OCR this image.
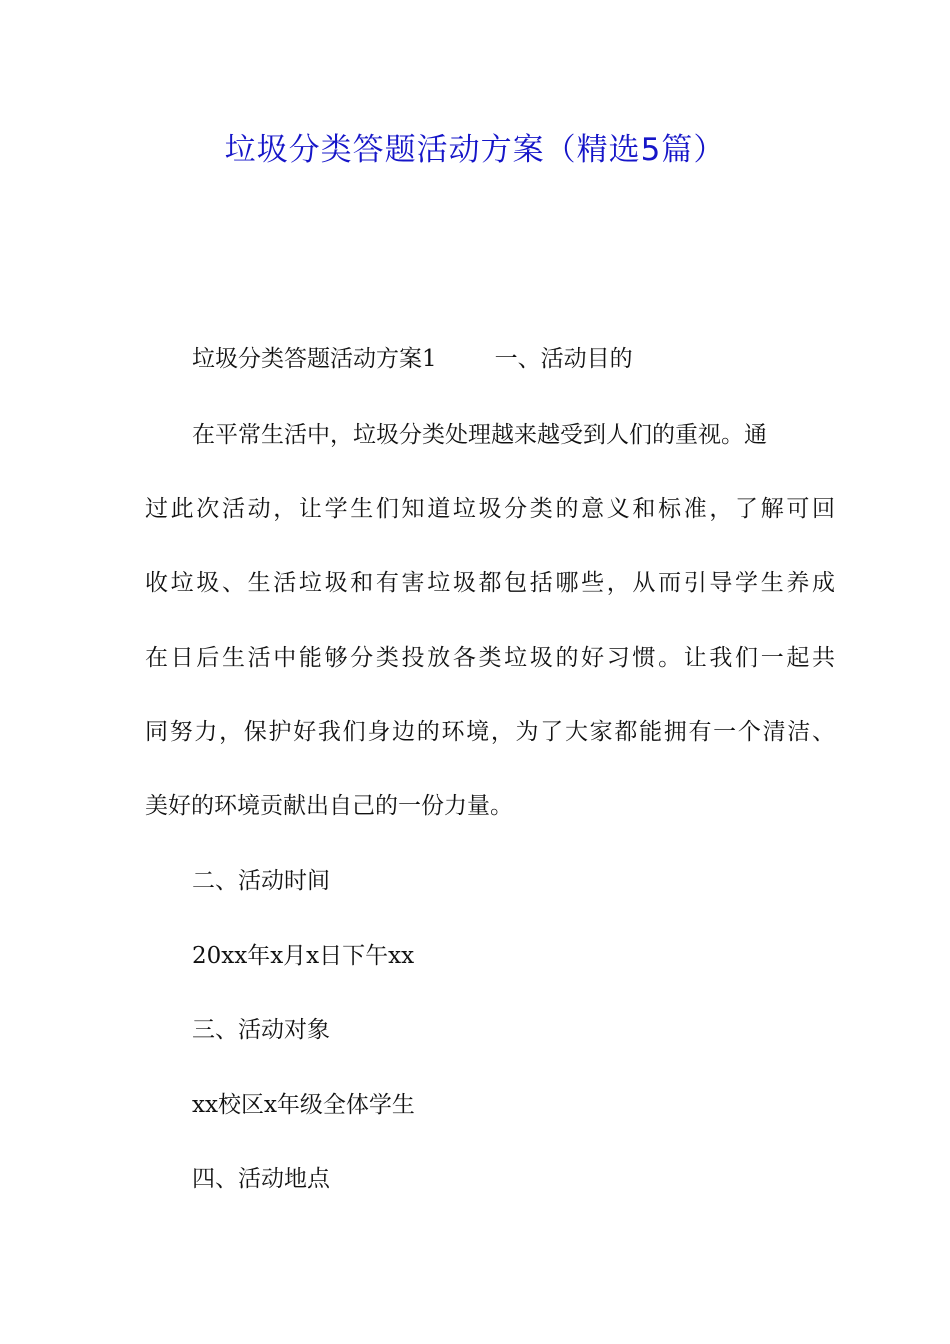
垃圾分类答题活动方案（精选5篇）
垃圾分类答题活动方案1	一、活动目的
在平常生活中，垃圾分类处理越来越受到人们的重视。通
过此次活动，让学生们知道垃圾分类的意义和标准，了解可回
收垃圾、生活垃圾和有害垃圾都包括哪些，从而引导学生养成
在日后生活中能够分类投放各类垃圾的好习惯。让我们一起共
同努力，保护好我们身边的环境，为了大家都能拥有一个清洁、
美好的环境贡献出自己的一份力量。
二、活动时间
20xx年x月x日下午xx
三、活动对象
xx校区x年级全体学生
四、活动地点
